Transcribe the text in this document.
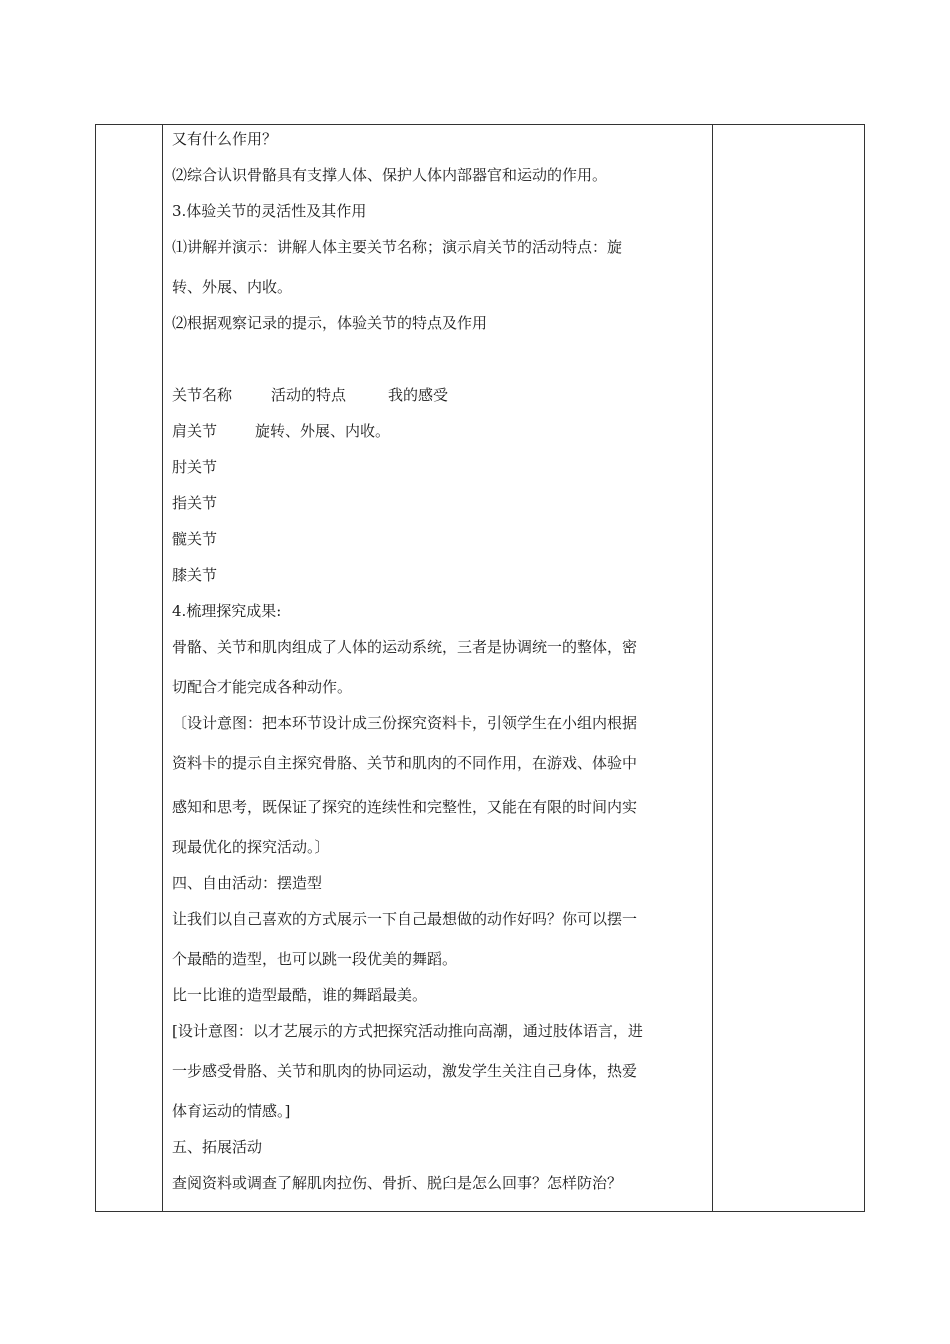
又有什么作用？
⑵综合认识骨骼具有支撑人体、保护人体内部器官和运动的作用。
3.体验关节的灵活性及其作用
⑴讲解并演示：讲解人体主要关节名称；演示肩关节的活动特点：旋
转、外展、内收。
⑵根据观察记录的提示，体验关节的特点及作用
关节名称	活动的特点	我的感受
肩关节	旋转、外展、内收。
肘关节
指关节
髋关节
膝关节
4.梳理探究成果:
骨骼、关节和肌肉组成了人体的运动系统，三者是协调统一的整体，密
切配合才能完成各种动作。
〔设计意图：把本环节设计成三份探究资料卡，引领学生在小组内根据
资料卡的提示自主探究骨胳、关节和肌肉的不同作用，在游戏、体验中
感知和思考，既保证了探究的连续性和完整性，又能在有限的时间内实
现最优化的探究活动。〕
四、自由活动：摆造型
让我们以自己喜欢的方式展示一下自己最想做的动作好吗？你可以摆一
个最酷的造型，也可以跳一段优美的舞蹈。
比一比谁的造型最酷，谁的舞蹈最美。
[设计意图：以才艺展示的方式把探究活动推向高潮，通过肢体语言，进
一步感受骨胳、关节和肌肉的协同运动，激发学生关注自己身体，热爱
体育运动的情感。]
五、拓展活动
查阅资料或调查了解肌肉拉伤、骨折、脱臼是怎么回事？怎样防治？
